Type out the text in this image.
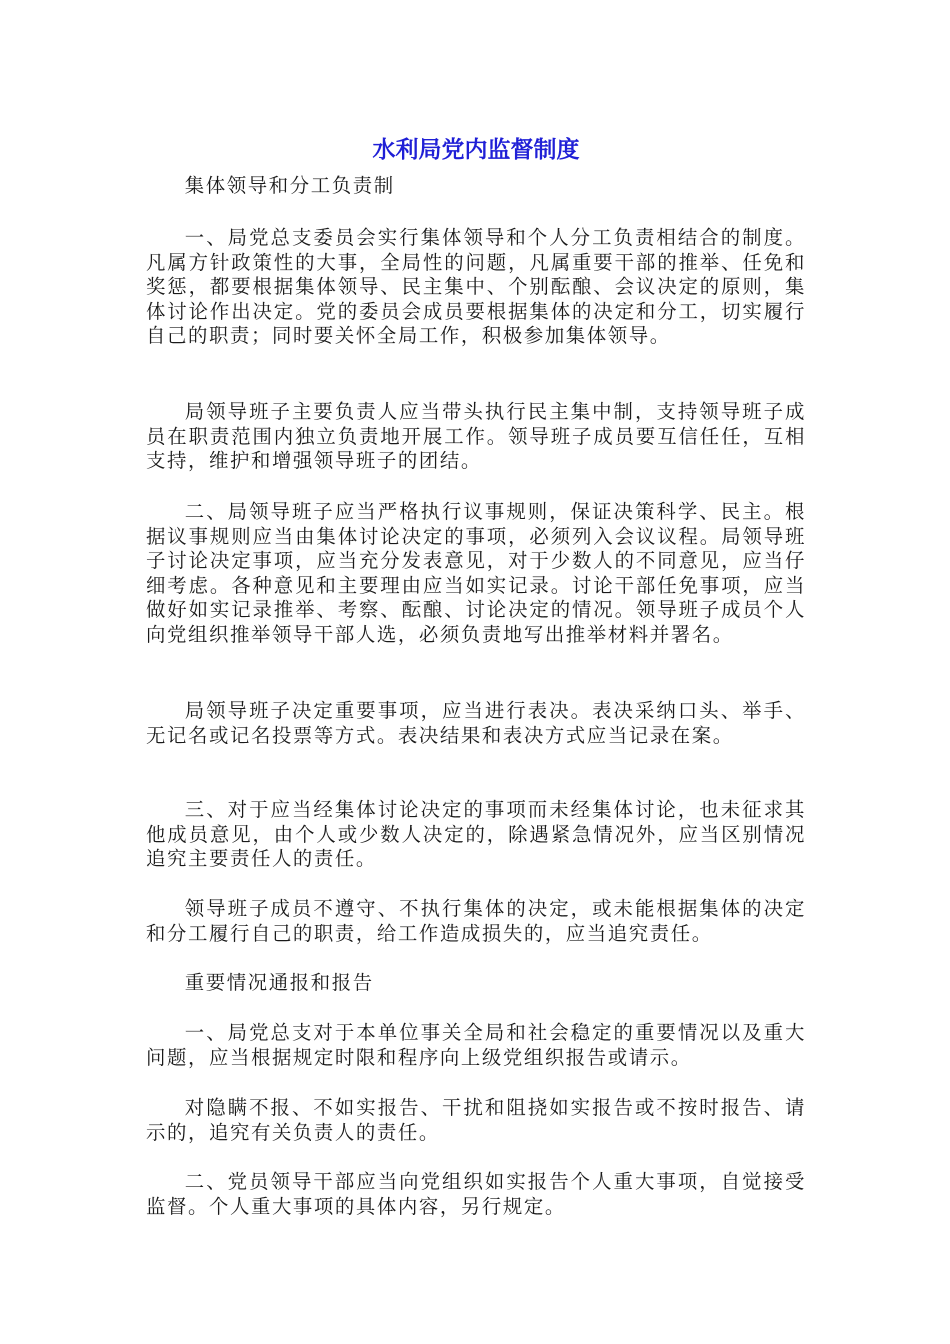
水利局党内监督制度

集体领导和分工负责制

一、局党总支委员会实行集体领导和个人分工负责相结合的制度。凡属方针政策性的大事，全局性的问题，凡属重要干部的推举、任免和奖惩，都要根据集体领导、民主集中、个别酝酿、会议决定的原则，集体讨论作出决定。党的委员会成员要根据集体的决定和分工，切实履行自己的职责；同时要关怀全局工作，积极参加集体领导。

局领导班子主要负责人应当带头执行民主集中制，支持领导班子成员在职责范围内独立负责地开展工作。领导班子成员要互信任任，互相支持，维护和增强领导班子的团结。

二、局领导班子应当严格执行议事规则，保证决策科学、民主。根据议事规则应当由集体讨论决定的事项，必须列入会议议程。局领导班子讨论决定事项，应当充分发表意见，对于少数人的不同意见，应当仔细考虑。各种意见和主要理由应当如实记录。讨论干部任免事项，应当做好如实记录推举、考察、酝酿、讨论决定的情况。领导班子成员个人向党组织推举领导干部人选，必须负责地写出推举材料并署名。

局领导班子决定重要事项，应当进行表决。表决采纳口头、举手、无记名或记名投票等方式。表决结果和表决方式应当记录在案。

三、对于应当经集体讨论决定的事项而未经集体讨论，也未征求其他成员意见，由个人或少数人决定的，除遇紧急情况外，应当区别情况追究主要责任人的责任。

领导班子成员不遵守、不执行集体的决定，或未能根据集体的决定和分工履行自己的职责，给工作造成损失的，应当追究责任。

重要情况通报和报告

一、局党总支对于本单位事关全局和社会稳定的重要情况以及重大问题，应当根据规定时限和程序向上级党组织报告或请示。

对隐瞒不报、不如实报告、干扰和阻挠如实报告或不按时报告、请示的，追究有关负责人的责任。

二、党员领导干部应当向党组织如实报告个人重大事项，自觉接受监督。个人重大事项的具体内容，另行规定。
